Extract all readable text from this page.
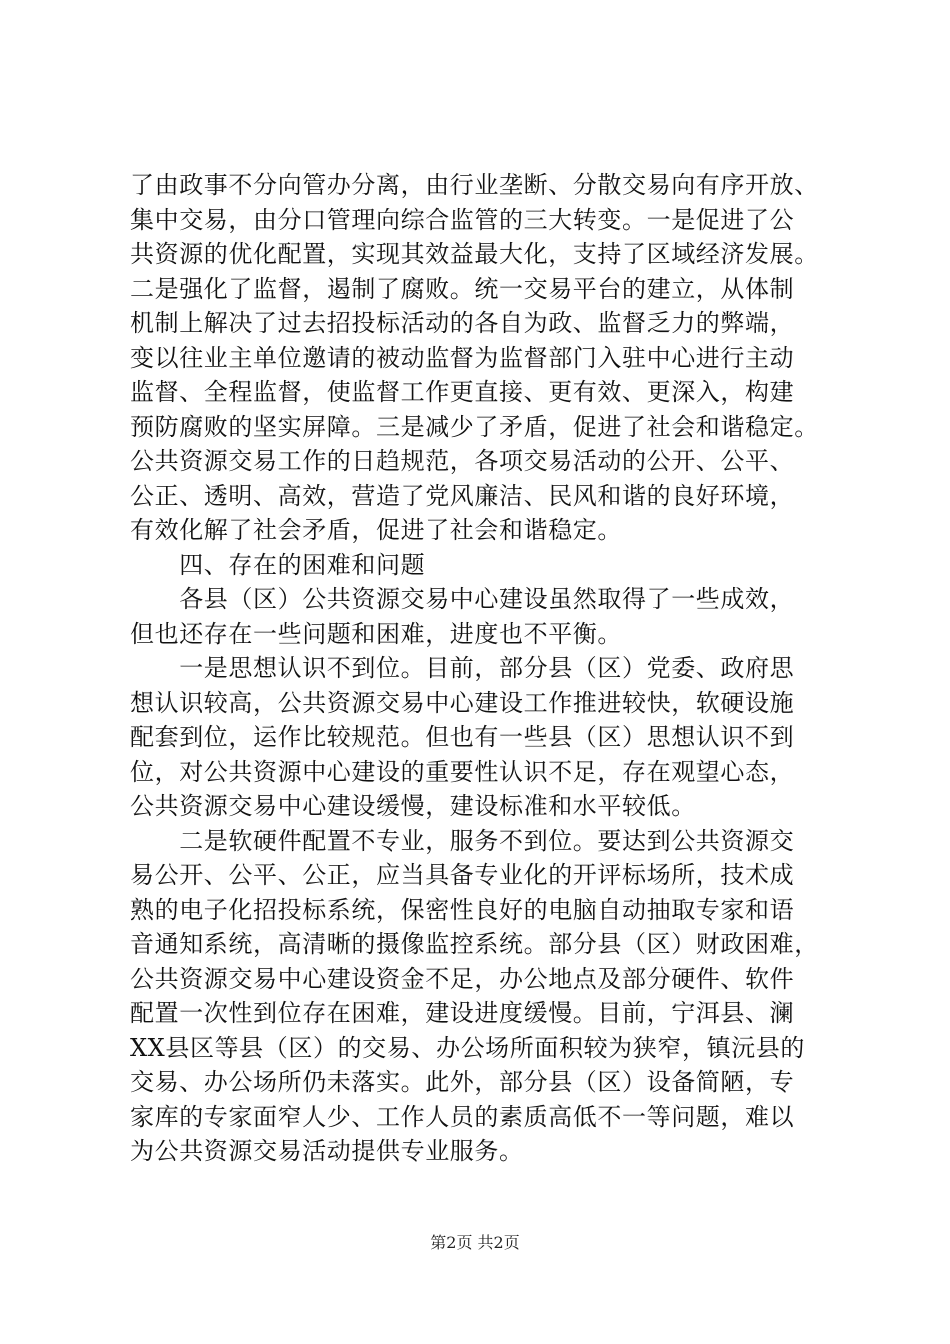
了由政事不分向管办分离，由行业垄断、分散交易向有序开放、
集中交易，由分口管理向综合监管的三大转变。一是促进了公
共资源的优化配置，实现其效益最大化，支持了区域经济发展。
二是强化了监督，遏制了腐败。统一交易平台的建立，从体制
机制上解决了过去招投标活动的各自为政、监督乏力的弊端，
变以往业主单位邀请的被动监督为监督部门入驻中心进行主动
监督、全程监督，使监督工作更直接、更有效、更深入，构建
预防腐败的坚实屏障。三是减少了矛盾，促进了社会和谐稳定。
公共资源交易工作的日趋规范，各项交易活动的公开、公平、
公正、透明、高效，营造了党风廉洁、民风和谐的良好环境，
有效化解了社会矛盾，促进了社会和谐稳定。
　　四、存在的困难和问题
　　各县（区）公共资源交易中心建设虽然取得了一些成效，
但也还存在一些问题和困难，进度也不平衡。
　　一是思想认识不到位。目前，部分县（区）党委、政府思
想认识较高，公共资源交易中心建设工作推进较快，软硬设施
配套到位，运作比较规范。但也有一些县（区）思想认识不到
位，对公共资源中心建设的重要性认识不足，存在观望心态，
公共资源交易中心建设缓慢，建设标准和水平较低。
　　二是软硬件配置不专业，服务不到位。要达到公共资源交
易公开、公平、公正，应当具备专业化的开评标场所，技术成
熟的电子化招投标系统，保密性良好的电脑自动抽取专家和语
音通知系统，高清晰的摄像监控系统。部分县（区）财政困难，
公共资源交易中心建设资金不足，办公地点及部分硬件、软件
配置一次性到位存在困难，建设进度缓慢。目前，宁洱县、澜
XX县区等县（区）的交易、办公场所面积较为狭窄，镇沅县的
交易、办公场所仍未落实。此外，部分县（区）设备简陋，专
家库的专家面窄人少、工作人员的素质高低不一等问题，难以
为公共资源交易活动提供专业服务。
第2页 共2页
